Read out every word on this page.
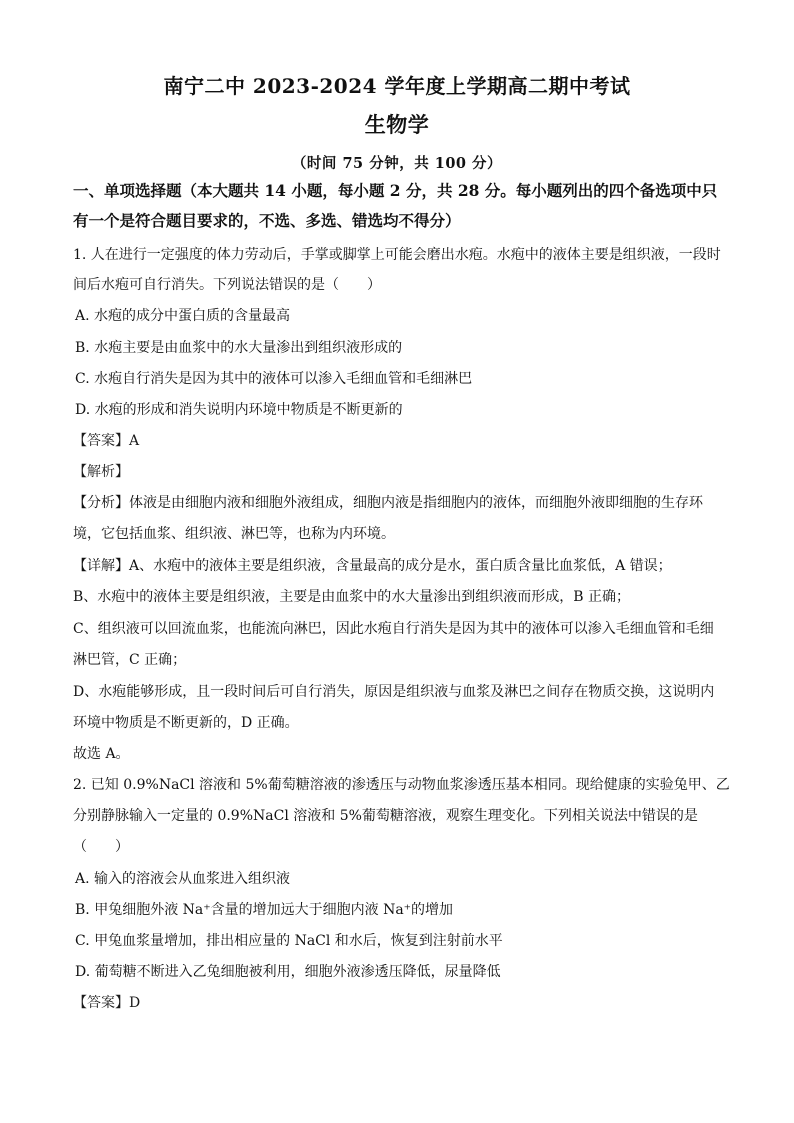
南宁二中 2023-2024 学年度上学期高二期中考试
生物学
（时间 75 分钟，共 100 分）
一、单项选择题（本大题共 14 小题，每小题 2 分，共 28 分。每小题列出的四个备选项中只
有一个是符合题目要求的，不选、多选、错选均不得分）
1. 人在进行一定强度的体力劳动后，手掌或脚掌上可能会磨出水疱。水疱中的液体主要是组织液，一段时
间后水疱可自行消失。下列说法错误的是（　　）
A. 水疱的成分中蛋白质的含量最高
B. 水疱主要是由血浆中的水大量渗出到组织液形成的
C. 水疱自行消失是因为其中的液体可以渗入毛细血管和毛细淋巴
D. 水疱的形成和消失说明内环境中物质是不断更新的
【答案】A
【解析】
【分析】体液是由细胞内液和细胞外液组成，细胞内液是指细胞内的液体，而细胞外液即细胞的生存环
境，它包括血浆、组织液、淋巴等，也称为内环境。
【详解】A、水疱中的液体主要是组织液，含量最高的成分是水，蛋白质含量比血浆低，A 错误；
B、水疱中的液体主要是组织液，主要是由血浆中的水大量渗出到组织液而形成，B 正确；
C、组织液可以回流血浆，也能流向淋巴，因此水疱自行消失是因为其中的液体可以渗入毛细血管和毛细
淋巴管，C 正确；
D、水疱能够形成，且一段时间后可自行消失，原因是组织液与血浆及淋巴之间存在物质交换，这说明内
环境中物质是不断更新的，D 正确。
故选 A。
2. 已知 0.9%NaCl 溶液和 5%葡萄糖溶液的渗透压与动物血浆渗透压基本相同。现给健康的实验兔甲、乙
分别静脉输入一定量的 0.9%NaCl 溶液和 5%葡萄糖溶液，观察生理变化。下列相关说法中错误的是
（　　）
A. 输入的溶液会从血浆进入组织液
B. 甲兔细胞外液 Na⁺含量的增加远大于细胞内液 Na⁺的增加
C. 甲兔血浆量增加，排出相应量的 NaCl 和水后，恢复到注射前水平
D. 葡萄糖不断进入乙兔细胞被利用，细胞外液渗透压降低，尿量降低
【答案】D
